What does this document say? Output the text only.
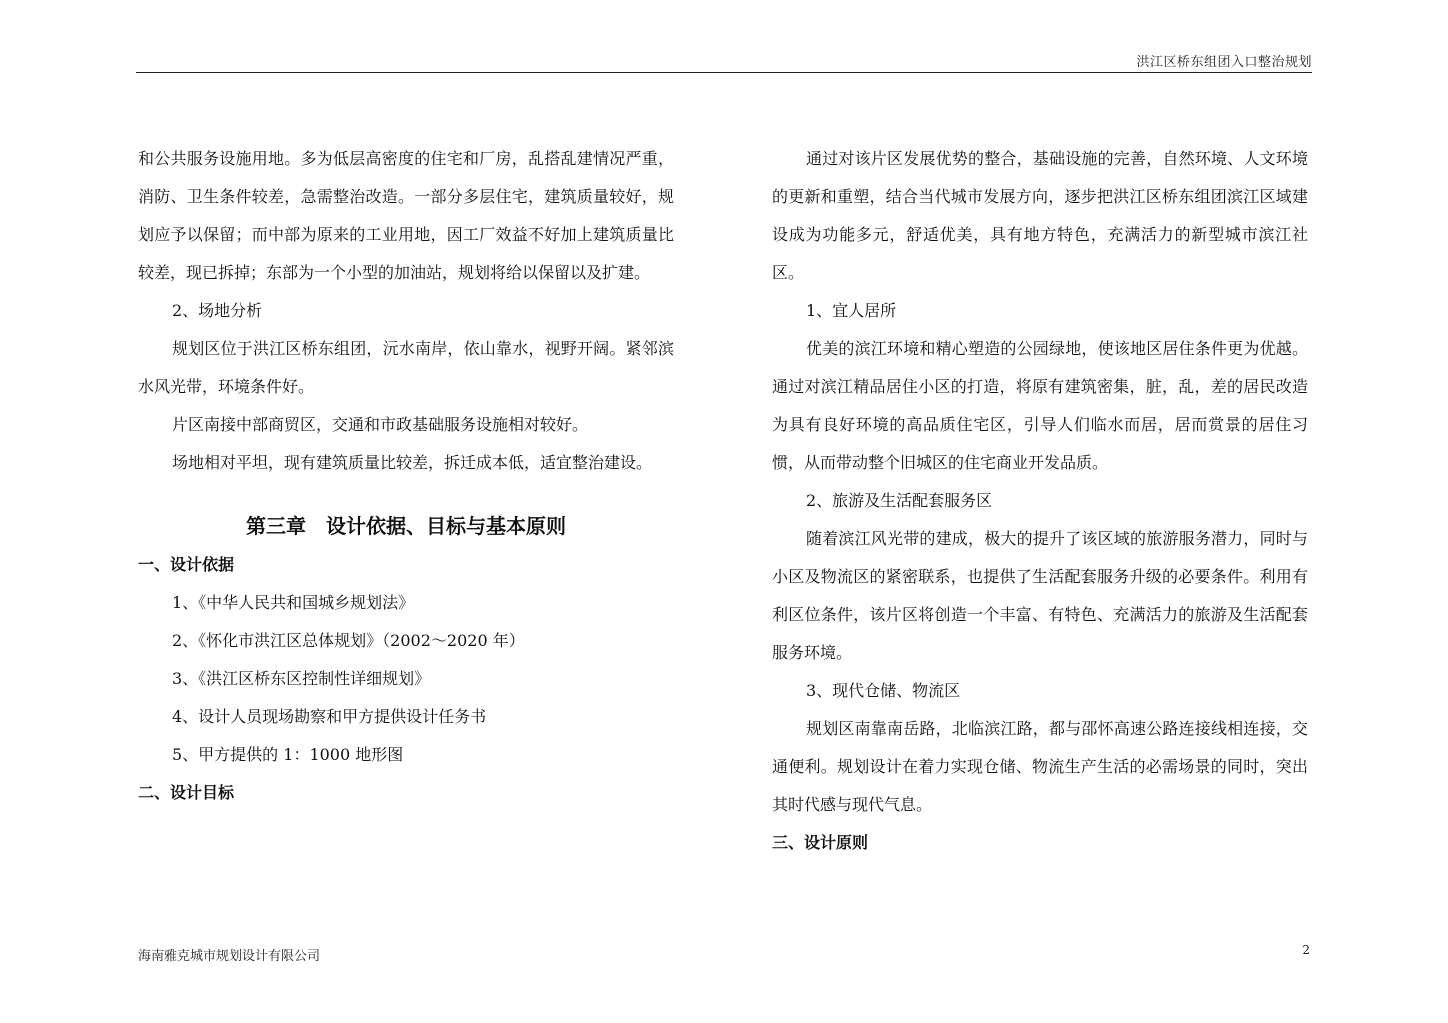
洪江区桥东组团入口整治规划

和公共服务设施用地。多为低层高密度的住宅和厂房，乱搭乱建情况严重，消防、卫生条件较差，急需整治改造。一部分多层住宅，建筑质量较好，规划应予以保留；而中部为原来的工业用地，因工厂效益不好加上建筑质量比较差，现已拆掉；东部为一个小型的加油站，规划将给以保留以及扩建。

2、场地分析

规划区位于洪江区桥东组团，沅水南岸，依山靠水，视野开阔。紧邻滨水风光带，环境条件好。

片区南接中部商贸区，交通和市政基础服务设施相对较好。

场地相对平坦，现有建筑质量比较差，拆迁成本低，适宜整治建设。

第三章　设计依据、目标与基本原则
一、设计依据

1、《中华人民共和国城乡规划法》

2、《怀化市洪江区总体规划》（2002～2020 年）

3、《洪江区桥东区控制性详细规划》

4、设计人员现场勘察和甲方提供设计任务书

5、甲方提供的 1：1000 地形图

二、设计目标

通过对该片区发展优势的整合，基础设施的完善，自然环境、人文环境的更新和重塑，结合当代城市发展方向，逐步把洪江区桥东组团滨江区域建设成为功能多元，舒适优美，具有地方特色，充满活力的新型城市滨江社区。

1、宜人居所

优美的滨江环境和精心塑造的公园绿地，使该地区居住条件更为优越。通过对滨江精品居住小区的打造，将原有建筑密集，脏，乱，差的居民改造为具有良好环境的高品质住宅区，引导人们临水而居，居而赏景的居住习惯，从而带动整个旧城区的住宅商业开发品质。

2、旅游及生活配套服务区

随着滨江风光带的建成，极大的提升了该区域的旅游服务潜力，同时与小区及物流区的紧密联系，也提供了生活配套服务升级的必要条件。利用有利区位条件，该片区将创造一个丰富、有特色、充满活力的旅游及生活配套服务环境。

3、现代仓储、物流区

规划区南靠南岳路，北临滨江路，都与邵怀高速公路连接线相连接，交通便利。规划设计在着力实现仓储、物流生产生活的必需场景的同时，突出其时代感与现代气息。

三、设计原则
海南雅克城市规划设计有限公司	2
